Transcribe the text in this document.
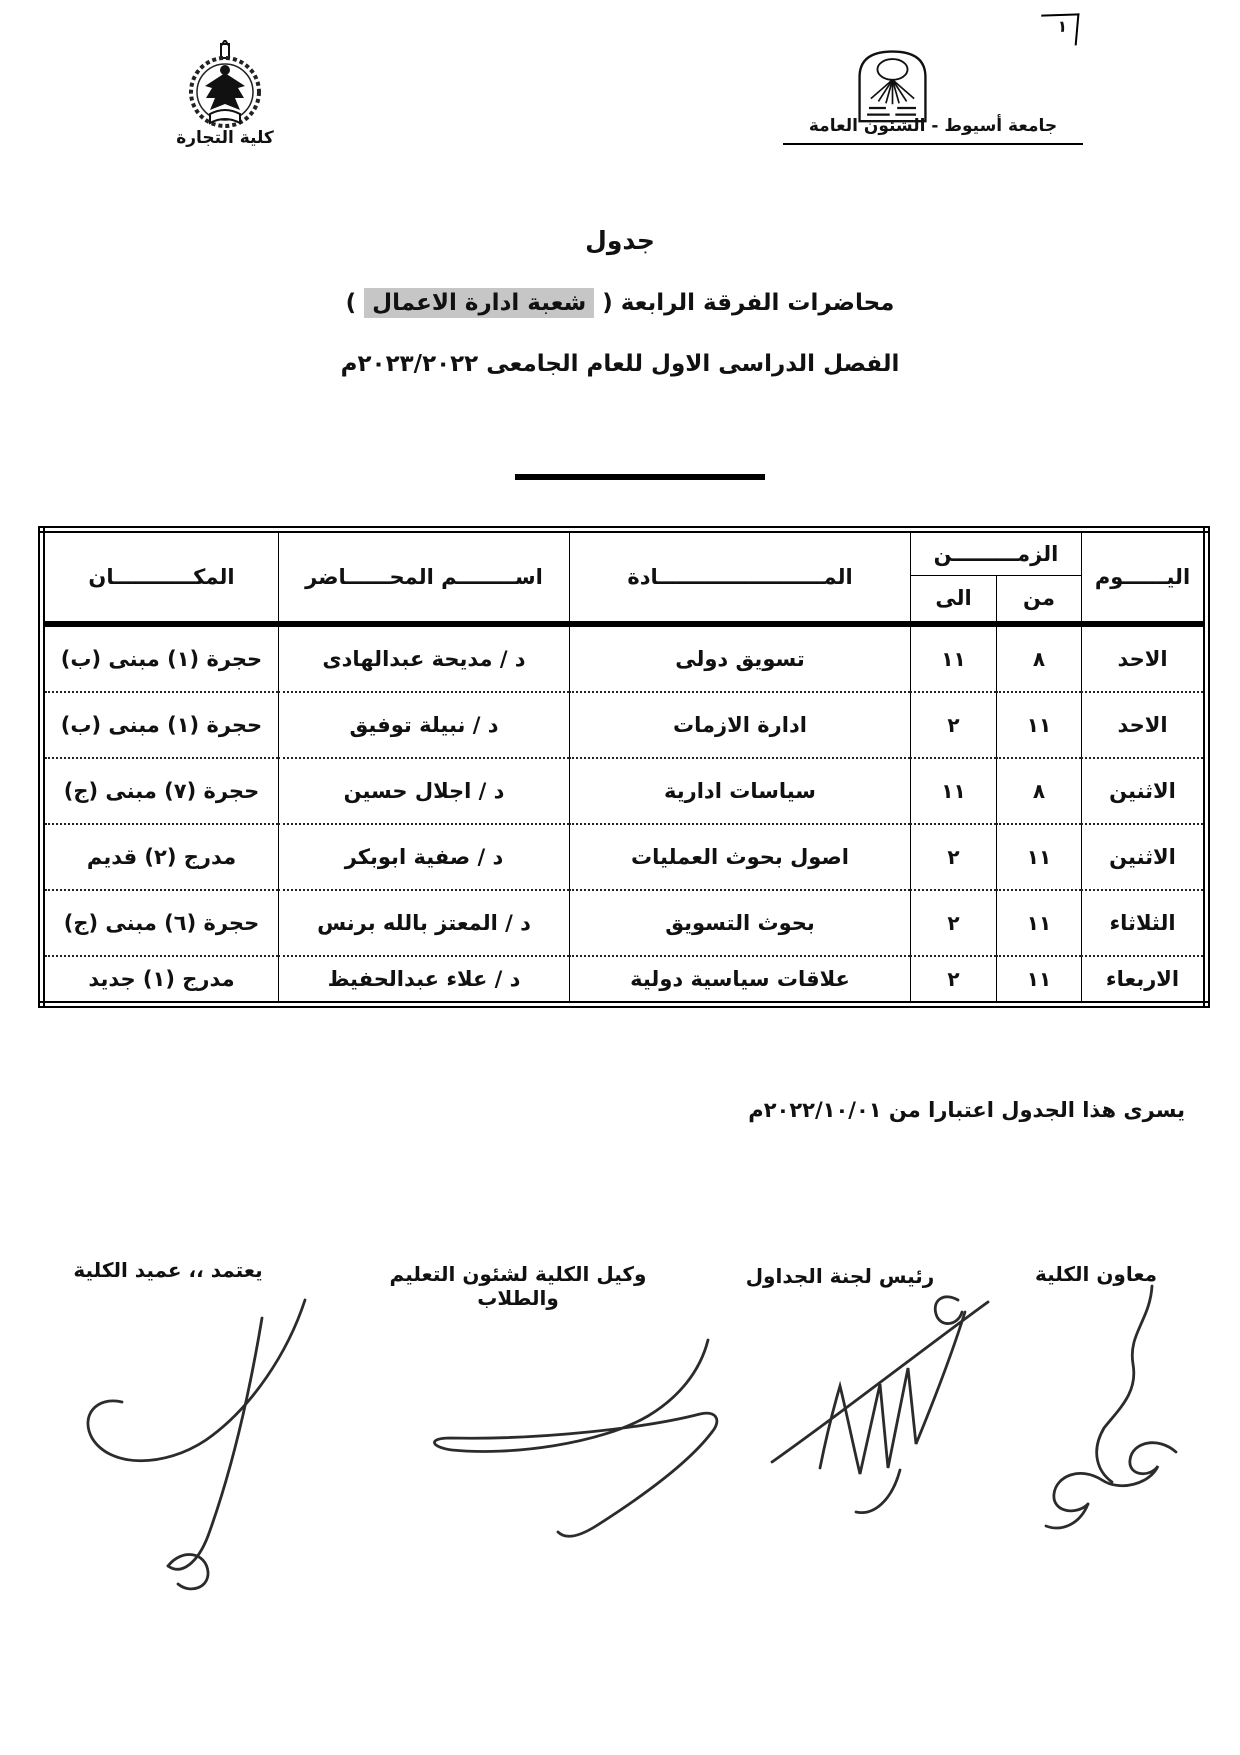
١
كلية التجارة
جامعة أسيوط - الشئون العامة
جدول
محاضرات الفرقة الرابعة ( شعبة ادارة الاعمال )
الفصل الدراسى الاول للعام الجامعى ٢٠٢٣/٢٠٢٢م
اليــــــوم	الزمـــــــــن		المـــــــــــــــــــــــادة	اســــــــم المحــــــاضر	المكـــــــــــان
	من	الى			
الاحد	٨	١١	تسويق دولى	د / مديحة عبدالهادى	حجرة (١) مبنى (ب)
الاحد	١١	٢	ادارة الازمات	د / نبيلة توفيق	حجرة (١) مبنى (ب)
الاثنين	٨	١١	سياسات ادارية	د / اجلال حسين	حجرة (٧) مبنى (ج)
الاثنين	١١	٢	اصول بحوث العمليات	د / صفية ابوبكر	مدرج (٢) قديم
الثلاثاء	١١	٢	بحوث التسويق	د / المعتز بالله برنس	حجرة (٦) مبنى (ج)
الاربعاء	١١	٢	علاقات سياسية دولية	د / علاء عبدالحفيظ	مدرج (١) جديد
يسرى هذا الجدول اعتبارا من ٢٠٢٢/١٠/٠١م
معاون الكلية
رئيس لجنة الجداول
وكيل الكلية لشئون التعليم والطلاب
يعتمد ،، عميد الكلية
